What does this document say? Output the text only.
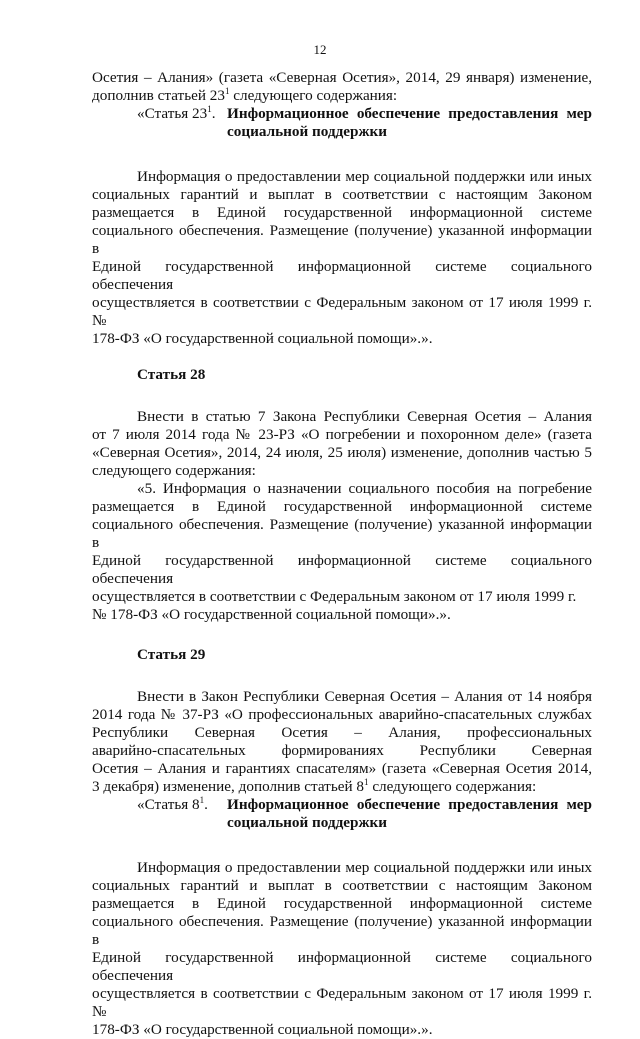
12

Осетия – Алания» (газета «Северная Осетия», 2014, 29 января) изменение,

дополнив статьей $23^1$ следующего содержания:

«Статья $23^1$. Информационное обеспечение предоставления мер

социальной поддержки

Информация о предоставлении мер социальной поддержки или иных

социальных гарантий и выплат в соответствии с настоящим Законом

размещается в Единой государственной информационной системе

социального обеспечения. Размещение (получение) указанной информации в

Единой государственной информационной системе социального обеспечения

осуществляется в соответствии с Федеральным законом от 17 июля 1999 г. №

178-ФЗ «О государственной социальной помощи».».

Статья 28

Внести в статью 7 Закона Республики Северная Осетия – Алания

от 7 июля 2014 года № 23-РЗ «О погребении и похоронном деле» (газета

«Северная Осетия», 2014, 24 июля, 25 июля) изменение, дополнив частью 5

следующего содержания:

«5. Информация о назначении социального пособия на погребение

размещается в Единой государственной информационной системе

социального обеспечения. Размещение (получение) указанной информации в

Единой государственной информационной системе социального обеспечения

осуществляется в соответствии с Федеральным законом от 17 июля 1999 г.

№ 178-ФЗ «О государственной социальной помощи».».

Статья 29

Внести в Закон Республики Северная Осетия – Алания от 14 ноября

2014 года № 37-РЗ «О профессиональных аварийно-спасательных службах

Республики Северная Осетия – Алания, профессиональных

аварийно-спасательных формированиях Республики Северная

Осетия – Алания и гарантиях спасателям» (газета «Северная Осетия 2014,

3 декабря) изменение, дополнив статьей $8^1$ следующего содержания:

«Статья $8^1$.	Информационное обеспечение предоставления мер

социальной поддержки

Информация о предоставлении мер социальной поддержки или иных

социальных гарантий и выплат в соответствии с настоящим Законом

размещается в Единой государственной информационной системе

социального обеспечения. Размещение (получение) указанной информации в

Единой государственной информационной системе социального обеспечения

осуществляется в соответствии с Федеральным законом от 17 июля 1999 г. №

178-ФЗ «О государственной социальной помощи».».
